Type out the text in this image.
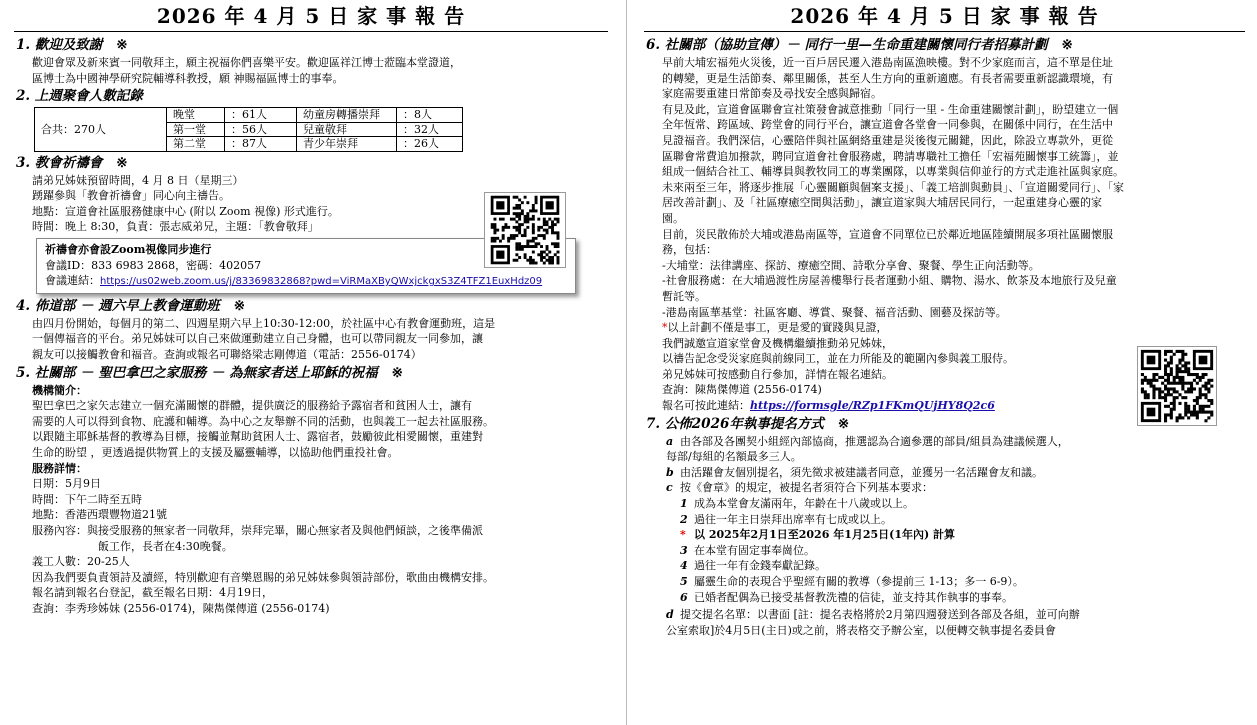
2026 年 4 月 5 日 家 事 報 告
1. 歡迎及致謝 ※

歡迎會眾及新來賓一同敬拜主，願主祝福你們喜樂平安。歡迎區祥江博士蒞臨本堂證道，

區博士為中國神學研究院輔導科教授，願 神賜福區博士的事奉。

2. 上週聚會人數記錄
合共：270人	晚堂	：61人	幼童房轉播崇拜	：8人
	第一堂	：56人	兒童敬拜	：32人
	第二堂	：87人	青少年崇拜	：26人
3. 教會祈禱會 ※

請弟兄姊妹預留時間，4 月 8 日（星期三）

踴躍參與「教會祈禱會」同心向主禱告。

地點：宣道會社區服務健康中心 (附以 Zoom 視像) 形式進行。

時間：晚上 8:30，負責：張志威弟兄，主題：「教會敬拜」

祈禱會亦會設Zoom視像同步進行
會議ID：833 6983 2868，密碼：402057
會議連結：https://us02web.zoom.us/j/83369832868?pwd=ViRMaXByQWxjckgxS3Z4TFZ1EuxHdz09
4. 佈道部 － 週六早上教會運動班 ※

由四月份開始，每個月的第二、四週星期六早上10:30-12:00，於社區中心有教會運動班，這是

一個傳福音的平台。弟兄姊妹可以自己來做運動建立自己身體，也可以帶同親友一同參加，讓

親友可以接觸教會和福音。查詢或報名可聯絡梁志剛傳道（電話：2556-0174）

5. 社關部 － 聖巴拿巴之家服務 － 為無家者送上耶穌的祝福 ※

機構簡介：

聖巴拿巴之家矢志建立一個充滿關懷的群體，提供廣泛的服務給予露宿者和貧困人士，讓有

需要的人可以得到食物、庇護和輔導。為中心之友舉辦不同的活動，也與義工一起去社區服務。

以跟隨主耶穌基督的教導為目標，接觸並幫助貧困人士、露宿者，鼓勵彼此相愛關懷，重建對

生命的盼望 ，更透過提供物質上的支援及屬靈輔導，以協助他們重投社會。

服務詳情：

日期：5月9日

時間：下午二時至五時

地點：香港西環豐物道21號

服務內容：與接受服務的無家者一同敬拜，崇拜完畢，關心無家者及與他們傾談，之後準備派

飯工作，長者在4:30晚餐。

義工人數：20-25人

因為我們要負責領詩及讀經，特別歡迎有音樂恩賜的弟兄姊妹參與領詩部份，歌曲由機構安排。

報名請到報名台登記，截至報名日期：4月19日，

查詢：李秀珍姊妹 (2556-0174)，陳雋傑傳道 (2556-0174)

2026 年 4 月 5 日 家 事 報 告
6. 社關部（協助宣傳）－ 同行一里—生命重建關懷同行者招募計劃 ※

早前大埔宏福苑火災後，近一百戶居民遷入港島南區漁映樓。對不少家庭而言，這不單是住址

的轉變，更是生活節奏、鄰里關係，甚至人生方向的重新適應。有長者需要重新認識環境，有

家庭需要重建日常節奏及尋找安全感與歸宿。

有見及此，宣道會區聯會宣社策發會誠意推動「同行一里 - 生命重建關懷計劃」，盼望建立一個

全年恆常、跨區域、跨堂會的同行平台，讓宣道會各堂會一同參與，在關係中同行，在生活中

見證福音。我們深信，心靈陪伴與社區網絡重建是災後復元關鍵，因此，除設立專款外，更從

區聯會常費追加撥款，聘同宣道會社會服務處，聘請專職社工擔任「宏福苑關懷事工統籌」，並

組成一個結合社工、輔導員與教牧同工的專業團隊，以專業與信仰並行的方式走進社區與家庭。

未來兩至三年，將逐步推展「心靈關顧與個案支援」、「義工培訓與動員」、「宣道關愛同行」、「家

居改善計劃」、及「社區療癒空間與活動」，讓宣道家與大埔居民同行，一起重建身心靈的家

園。

目前，災民散佈於大埔或港島南區等，宣道會不同單位已於鄰近地區陸續開展多項社區關懷服

務，包括：

-大埔堂：法律講座、探訪、療癒空間、詩歌分享會、聚餐、學生正向活動等。

-社會服務處：在大埔過渡性房屋善樓舉行長者運動小組、購物、湯水、飲茶及本地旅行及兒童

暫託等。

-港島南區華基堂：社區客廳、導賞、聚餐、福音活動、園藝及探訪等。

*以上計劃不僅是事工，更是愛的實踐與見證，

我們誠邀宣道家堂會及機構繼續推動弟兄姊妹，

以禱告記念受災家庭與前線同工，並在力所能及的範圍內參與義工服侍。

弟兄姊妹可按感動自行參加，詳情在報名連結。

查詢：陳雋傑傳道 (2556-0174)

報名可按此連結：https://formsgle/RZp1FKmQUjHY8Q2c6

7. 公佈2026年執事提名方式 ※
a 由各部及各團契小組經內部協商，推選認為合適參選的部員/組員為建議候選人，

每部/每組的名額最多三人。

b 由活躍會友個別提名，須先徵求被建議者同意，並獲另一名活躍會友和議。
c 按《會章》的規定，被提名者須符合下列基本要求：
1 成為本堂會友滿兩年，年齡在十八歲或以上。
2 過往一年主日崇拜出席率有七成或以上。
* 以 2025年2月1日至2026 年1月25日(1年內) 計算
3 在本堂有固定事奉崗位。
4 過往一年有金錢奉獻記錄。
5 屬靈生命的表現合乎聖經有關的教導（參提前三 1-13；多一 6-9）。
6 已婚者配偶為已接受基督教洗禮的信徒，並支持其作執事的事奉。
d 提交提名名單：以書面 [註：提名表格將於2月第四週發送到各部及各組，並可向辦

公室索取]於4月5日(主日)或之前，將表格交予辦公室，以便轉交執事提名委員會
